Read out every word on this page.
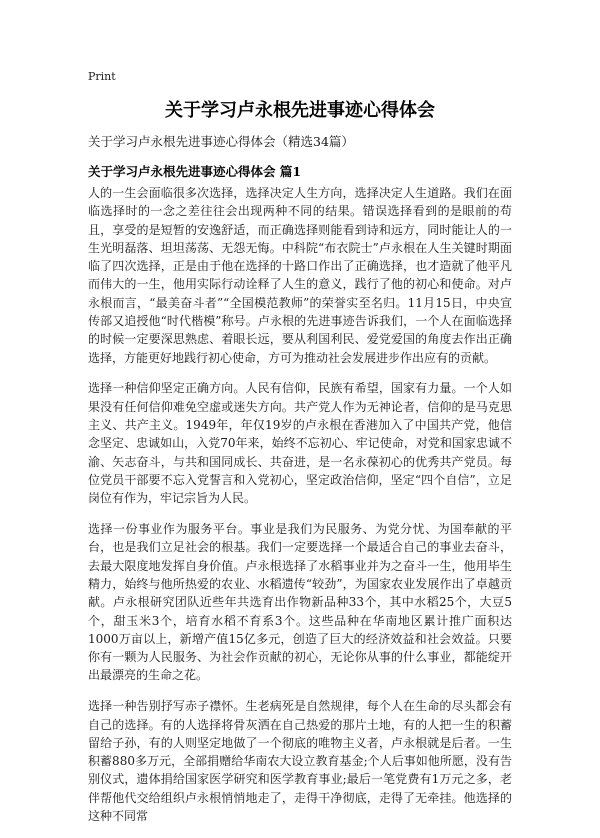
Print
关于学习卢永根先进事迹心得体会
关于学习卢永根先进事迹心得体会（精选34篇）
关于学习卢永根先进事迹心得体会 篇1

人的一生会面临很多次选择，选择决定人生方向，选择决定人生道路。我们在面临选择时的一念之差往往会出现两种不同的结果。错误选择看到的是眼前的苟且，享受的是短暂的安逸舒适，而正确选择则能看到诗和远方，同时能让人的一生光明磊落、坦坦荡荡、无怨无悔。中科院“布衣院士”卢永根在人生关键时期面临了四次选择，正是由于他在选择的十路口作出了正确选择，也才造就了他平凡而伟大的一生，他用实际行动诠释了人生的意义，践行了他的初心和使命。对卢永根而言，“最美奋斗者”“全国模范教师”的荣誉实至名归。11月15日，中央宣传部又追授他“时代楷模”称号。卢永根的先进事迹告诉我们，一个人在面临选择的时候一定要深思熟虑、着眼长远，要从利国利民、爱党爱国的角度去作出正确选择，方能更好地践行初心使命，方可为推动社会发展进步作出应有的贡献。

选择一种信仰坚定正确方向。人民有信仰，民族有希望，国家有力量。一个人如果没有任何信仰难免空虚或迷失方向。共产党人作为无神论者，信仰的是马克思主义、共产主义。1949年，年仅19岁的卢永根在香港加入了中国共产党，他信念坚定、忠诚如山，入党70年来，始终不忘初心、牢记使命，对党和国家忠诚不渝、矢志奋斗，与共和国同成长、共奋进，是一名永葆初心的优秀共产党员。每位党员干部要不忘入党誓言和入党初心，坚定政治信仰，坚定“四个自信”，立足岗位有作为，牢记宗旨为人民。

选择一份事业作为服务平台。事业是我们为民服务、为党分忧、为国奉献的平台，也是我们立足社会的根基。我们一定要选择一个最适合自己的事业去奋斗，去最大限度地发挥自身价值。卢永根选择了水稻事业并为之奋斗一生，他用毕生精力，始终与他所热爱的农业、水稻遗传“较劲”，为国家农业发展作出了卓越贡献。卢永根研究团队近些年共选育出作物新品种33个，其中水稻25个，大豆5个，甜玉米3个，培育水稻不育系3个。这些品种在华南地区累计推广面积达1000万亩以上，新增产值15亿多元，创造了巨大的经济效益和社会效益。只要你有一颗为人民服务、为社会作贡献的初心，无论你从事的什么事业，都能绽开出最漂亮的生命之花。

选择一种告别抒写赤子襟怀。生老病死是自然规律，每个人在生命的尽头都会有自己的选择。有的人选择将骨灰洒在自己热爱的那片土地，有的人把一生的积蓄留给子孙，有的人则坚定地做了一个彻底的唯物主义者，卢永根就是后者。一生积蓄880多万元，全部捐赠给华南农大设立教育基金;个人后事如他所愿，没有告别仪式，遗体捐给国家医学研究和医学教育事业;最后一笔党费有1万元之多，老伴帮他代交给组织卢永根悄悄地走了，走得干净彻底，走得了无牵挂。他选择的这种不同常
